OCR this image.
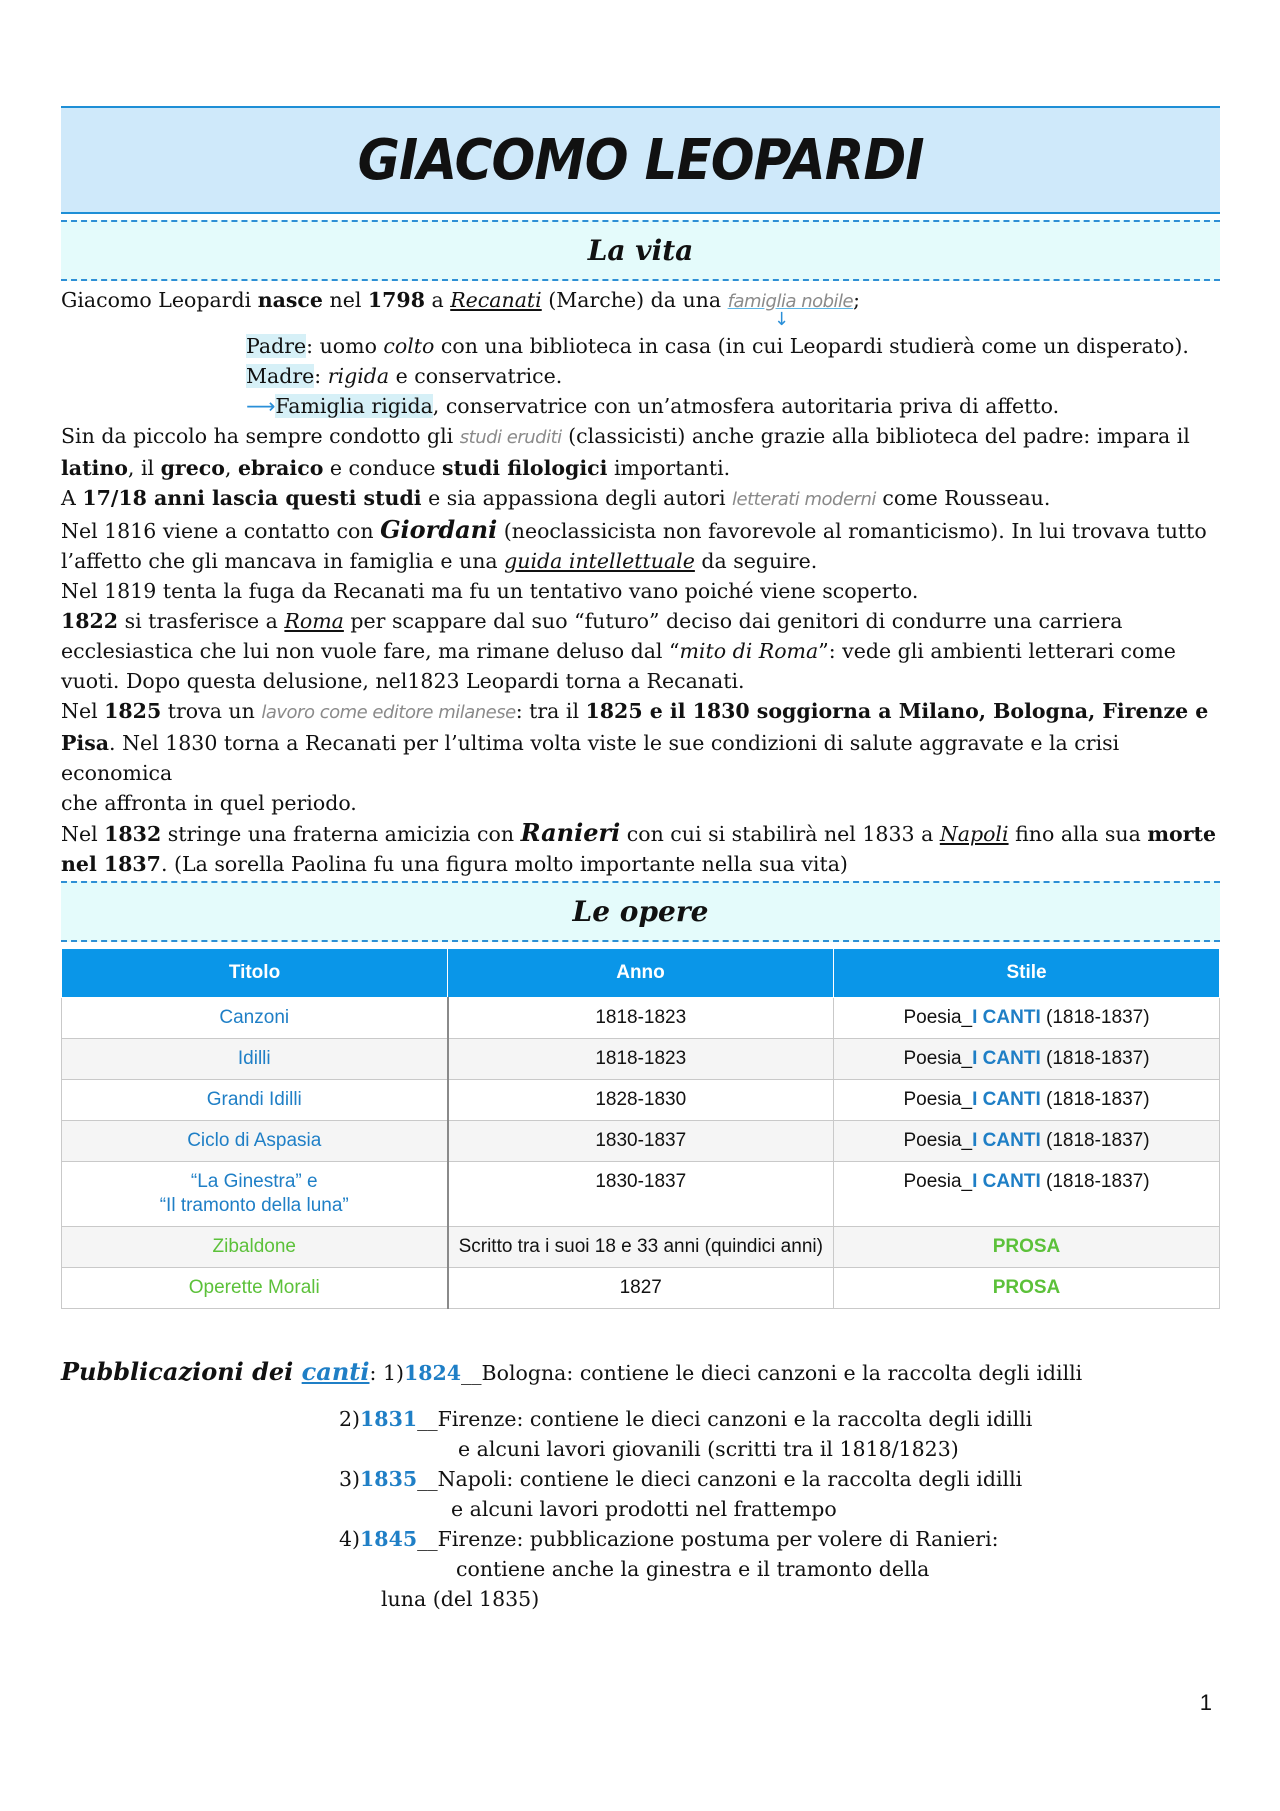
GIACOMO LEOPARDI
La vita

Giacomo Leopardi nasce nel 1798 a Recanati (Marche) da una famiglia nobile;

↓

Padre: uomo colto con una biblioteca in casa (in cui Leopardi studierà come un disperato).

Madre: rigida e conservatrice.

⟶Famiglia rigida, conservatrice con un’atmosfera autoritaria priva di affetto.

Sin da piccolo ha sempre condotto gli studi eruditi (classicisti) anche grazie alla biblioteca del padre: impara il

latino, il greco, ebraico e conduce studi filologici importanti.

A 17/18 anni lascia questi studi e sia appassiona degli autori letterati moderni come Rousseau.

Nel 1816 viene a contatto con Giordani (neoclassicista non favorevole al romanticismo). In lui trovava tutto

l’affetto che gli mancava in famiglia e una guida intellettuale da seguire.

Nel 1819 tenta la fuga da Recanati ma fu un tentativo vano poiché viene scoperto.

1822 si trasferisce a Roma per scappare dal suo “futuro” deciso dai genitori di condurre una carriera

ecclesiastica che lui non vuole fare, ma rimane deluso dal “mito di Roma”: vede gli ambienti letterari come

vuoti. Dopo questa delusione, nel1823 Leopardi torna a Recanati.

Nel 1825 trova un lavoro come editore milanese: tra il 1825 e il 1830 soggiorna a Milano, Bologna, Firenze e

Pisa. Nel 1830 torna a Recanati per l’ultima volta viste le sue condizioni di salute aggravate e la crisi economica

che affronta in quel periodo.

Nel 1832 stringe una fraterna amicizia con Ranieri con cui si stabilirà nel 1833 a Napoli fino alla sua morte

nel 1837. (La sorella Paolina fu una figura molto importante nella sua vita)

Le opere
Titolo	Anno	Stile
Canzoni	1818-1823	Poesia_I CANTI (1818-1837)
Idilli	1818-1823	Poesia_I CANTI (1818-1837)
Grandi Idilli	1828-1830	Poesia_I CANTI (1818-1837)
Ciclo di Aspasia	1830-1837	Poesia_I CANTI (1818-1837)

“La Ginestra” e
“Il tramonto della luna”	1830-1837	Poesia_I CANTI (1818-1837)
Zibaldone	Scritto tra i suoi 18 e 33 anni (quindici anni)	PROSA
Operette Morali	1827	PROSA
Pubblicazioni dei canti: 1)1824__Bologna: contiene le dieci canzoni e la raccolta degli idilli
2)1831__Firenze: contiene le dieci canzoni e la raccolta degli idilli
e alcuni lavori giovanili (scritti tra il 1818/1823)
3)1835__Napoli: contiene le dieci canzoni e la raccolta degli idilli
e alcuni lavori prodotti nel frattempo
4)1845__Firenze: pubblicazione postuma per volere di Ranieri:
contiene anche la ginestra e il tramonto della
luna (del 1835)
1
